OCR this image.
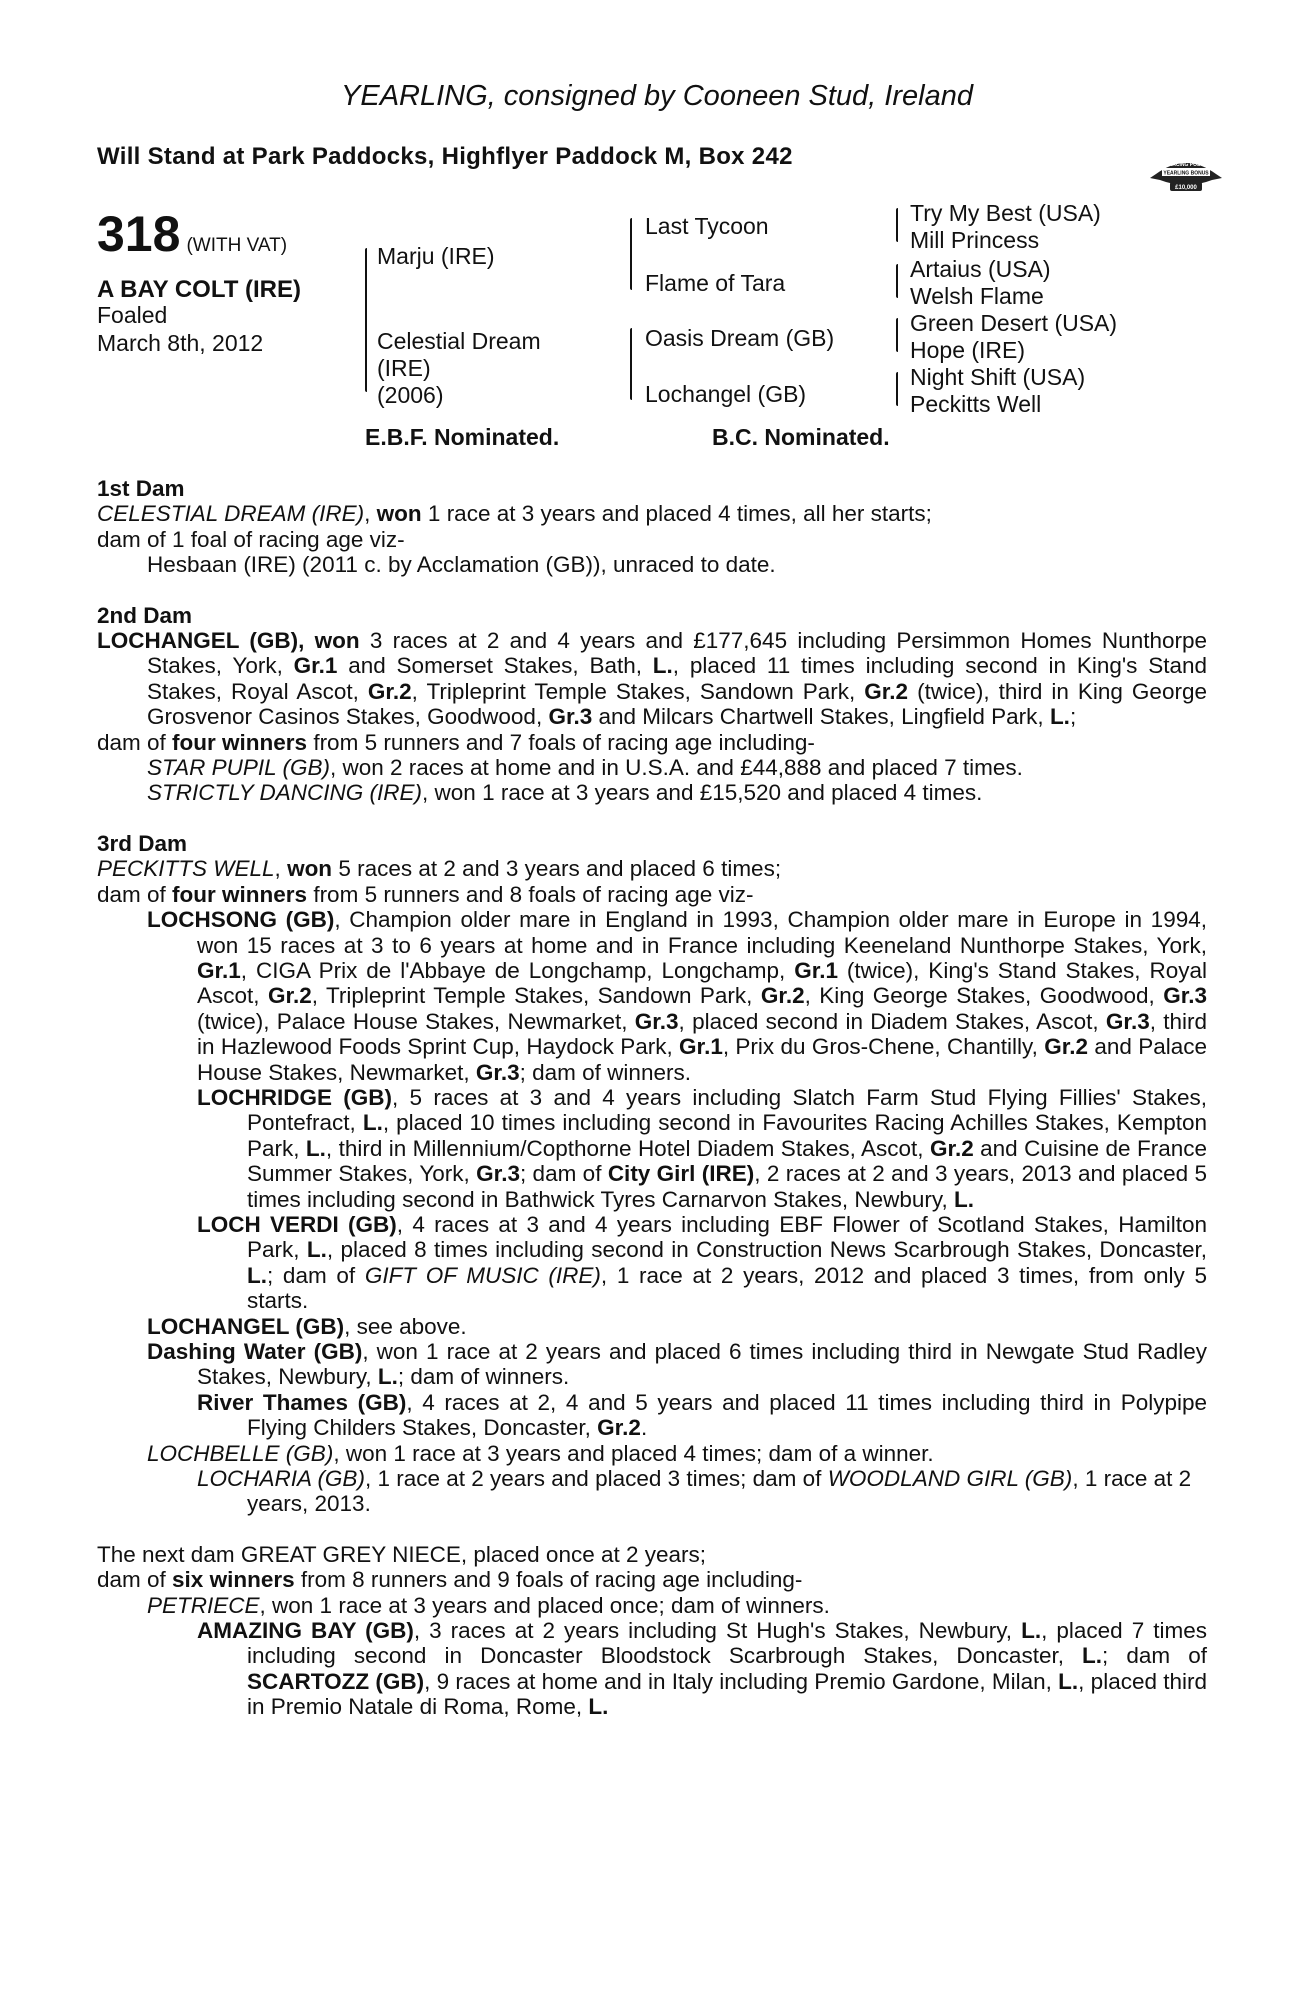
YEARLING, consigned by Cooneen Stud, Ireland
Will Stand at Park Paddocks, Highflyer Paddock M, Box 242	RACING POST
YEARLING BONUS
£10,000
318 (WITH VAT)
A BAY COLT (IRE)
Foaled
March 8th, 2012
Marju (IRE)
Celestial Dream
(IRE)
(2006)
Last Tycoon
Flame of Tara
Oasis Dream (GB)
Lochangel (GB)
Try My Best (USA)
Mill Princess
Artaius (USA)
Welsh Flame
Green Desert (USA)
Hope (IRE)
Night Shift (USA)
Peckitts Well
E.B.F. Nominated.	B.C. Nominated.

1st Dam

CELESTIAL DREAM (IRE), won 1 race at 3 years and placed 4 times, all her starts;

dam of 1 foal of racing age viz-

Hesbaan (IRE) (2011 c. by Acclamation (GB)), unraced to date.

2nd Dam

LOCHANGEL (GB), won 3 races at 2 and 4 years and £177,645 including Persimmon Homes Nunthorpe Stakes, York, Gr.1 and Somerset Stakes, Bath, L., placed 11 times including second in King's Stand Stakes, Royal Ascot, Gr.2, Tripleprint Temple Stakes, Sandown Park, Gr.2 (twice), third in King George Grosvenor Casinos Stakes, Goodwood, Gr.3 and Milcars Chartwell Stakes, Lingfield Park, L.;

dam of four winners from 5 runners and 7 foals of racing age including-

STAR PUPIL (GB), won 2 races at home and in U.S.A. and £44,888 and placed 7 times.

STRICTLY DANCING (IRE), won 1 race at 3 years and £15,520 and placed 4 times.

3rd Dam

PECKITTS WELL, won 5 races at 2 and 3 years and placed 6 times;

dam of four winners from 5 runners and 8 foals of racing age viz-

LOCHSONG (GB), Champion older mare in England in 1993, Champion older mare in Europe in 1994, won 15 races at 3 to 6 years at home and in France including Keeneland Nunthorpe Stakes, York, Gr.1, CIGA Prix de l'Abbaye de Longchamp, Longchamp, Gr.1 (twice), King's Stand Stakes, Royal Ascot, Gr.2, Tripleprint Temple Stakes, Sandown Park, Gr.2, King George Stakes, Goodwood, Gr.3 (twice), Palace House Stakes, Newmarket, Gr.3, placed second in Diadem Stakes, Ascot, Gr.3, third in Hazlewood Foods Sprint Cup, Haydock Park, Gr.1, Prix du Gros-Chene, Chantilly, Gr.2 and Palace House Stakes, Newmarket, Gr.3; dam of winners.

LOCHRIDGE (GB), 5 races at 3 and 4 years including Slatch Farm Stud Flying Fillies' Stakes, Pontefract, L., placed 10 times including second in Favourites Racing Achilles Stakes, Kempton Park, L., third in Millennium/Copthorne Hotel Diadem Stakes, Ascot, Gr.2 and Cuisine de France Summer Stakes, York, Gr.3; dam of City Girl (IRE), 2 races at 2 and 3 years, 2013 and placed 5 times including second in Bathwick Tyres Carnarvon Stakes, Newbury, L.

LOCH VERDI (GB), 4 races at 3 and 4 years including EBF Flower of Scotland Stakes, Hamilton Park, L., placed 8 times including second in Construction News Scarbrough Stakes, Doncaster, L.; dam of GIFT OF MUSIC (IRE), 1 race at 2 years, 2012 and placed 3 times, from only 5 starts.

LOCHANGEL (GB), see above.

Dashing Water (GB), won 1 race at 2 years and placed 6 times including third in Newgate Stud Radley Stakes, Newbury, L.; dam of winners.

River Thames (GB), 4 races at 2, 4 and 5 years and placed 11 times including third in Polypipe Flying Childers Stakes, Doncaster, Gr.2.

LOCHBELLE (GB), won 1 race at 3 years and placed 4 times; dam of a winner.

LOCHARIA (GB), 1 race at 2 years and placed 3 times; dam of WOODLAND GIRL (GB), 1 race at 2 years, 2013.

The next dam GREAT GREY NIECE, placed once at 2 years;

dam of six winners from 8 runners and 9 foals of racing age including-

PETRIECE, won 1 race at 3 years and placed once; dam of winners.

AMAZING BAY (GB), 3 races at 2 years including St Hugh's Stakes, Newbury, L., placed 7 times including second in Doncaster Bloodstock Scarbrough Stakes, Doncaster, L.; dam of SCARTOZZ (GB), 9 races at home and in Italy including Premio Gardone, Milan, L., placed third in Premio Natale di Roma, Rome, L.
